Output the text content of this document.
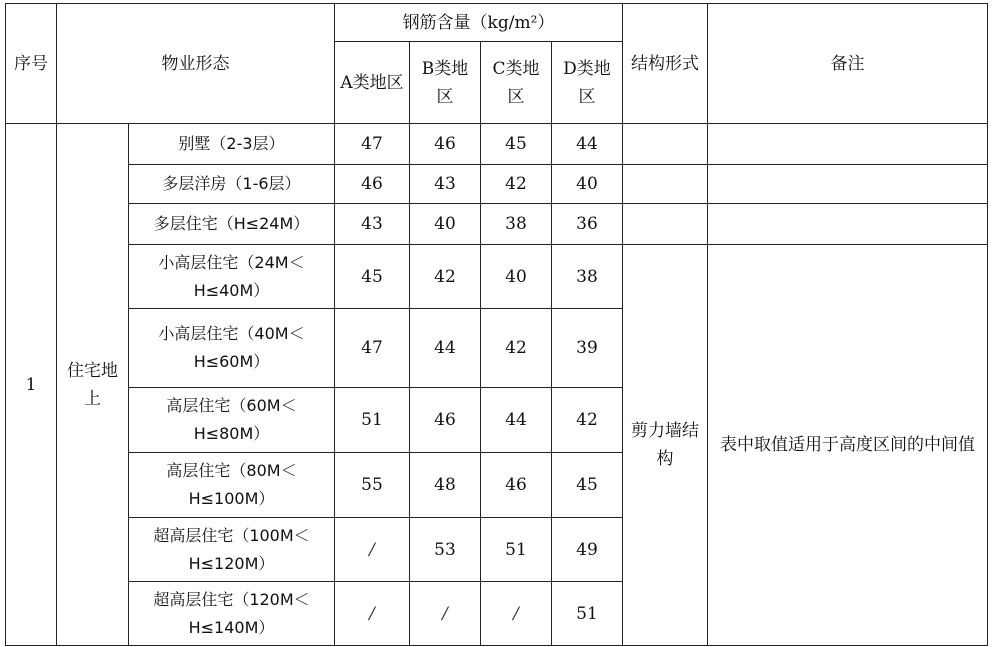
序号	物业形态		钢筋含量（kg/m²）				结构形式	备注
			A类地区	B类地区	C类地区	D类地区		
1	住宅地上	别墅（2-3层）	47	46	45	44		
		多层洋房（1-6层）	46	43	42	40		
		多层住宅（H≤24M）	43	40	38	36		
		小高层住宅（24M＜H≤40M）	45	42	40	38	剪力墙结构	表中取值适用于高度区间的中间值
		小高层住宅（40M＜H≤60M）	47	44	42	39		
		高层住宅（60M＜H≤80M）	51	46	44	42		
		高层住宅（80M＜H≤100M）	55	48	46	45		
		超高层住宅（100M＜H≤120M）	/	53	51	49		
		超高层住宅（120M＜H≤140M）	/	/	/	51		
